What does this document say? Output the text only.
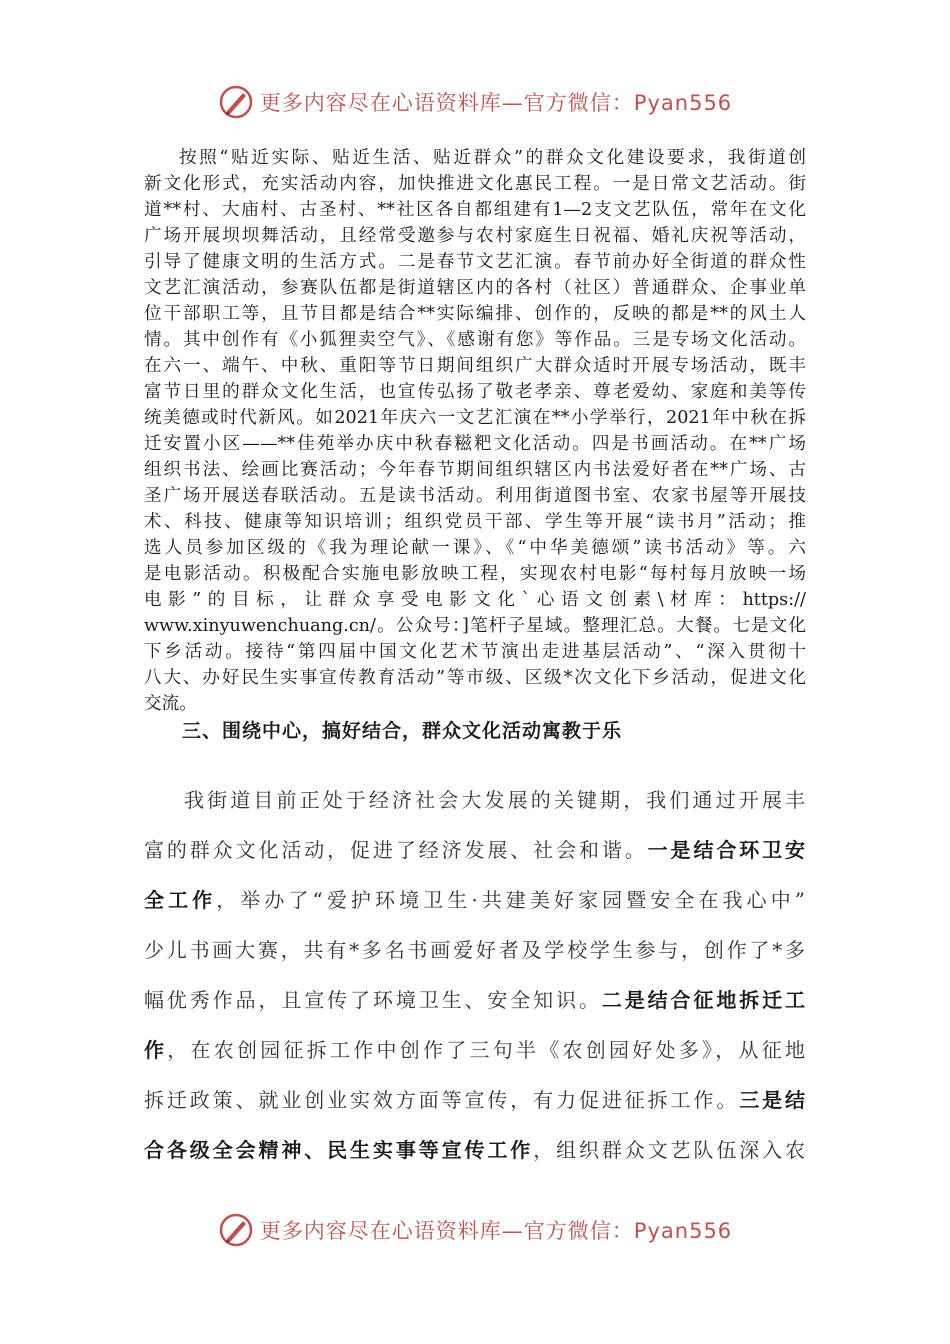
更多内容尽在心语资料库—官方微信：Pyan556
按照“贴近实际、贴近生活、贴近群众”的群众文化建设要求，我街道创
新文化形式，充实活动内容，加快推进文化惠民工程。一是日常文艺活动。街
道**村、大庙村、古圣村、**社区各自都组建有1—2支文艺队伍，常年在文化
广场开展坝坝舞活动，且经常受邀参与农村家庭生日祝福、婚礼庆祝等活动，
引导了健康文明的生活方式。二是春节文艺汇演。春节前办好全街道的群众性
文艺汇演活动，参赛队伍都是街道辖区内的各村（社区）普通群众、企事业单
位干部职工等，且节目都是结合**实际编排、创作的，反映的都是**的风土人
情。其中创作有《小狐狸卖空气》、《感谢有您》等作品。三是专场文化活动。
在六一、端午、中秋、重阳等节日期间组织广大群众适时开展专场活动，既丰
富节日里的群众文化生活，也宣传弘扬了敬老孝亲、尊老爱幼、家庭和美等传
统美德或时代新风。如2021年庆六一文艺汇演在**小学举行，2021年中秋在拆
迁安置小区——**佳苑举办庆中秋春糍粑文化活动。四是书画活动。在**广场
组织书法、绘画比赛活动；今年春节期间组织辖区内书法爱好者在**广场、古
圣广场开展送春联活动。五是读书活动。利用街道图书室、农家书屋等开展技
术、科技、健康等知识培训；组织党员干部、学生等开展“读书月”活动；推
选人员参加区级的《我为理论献一课》、《“中华美德颂”读书活动》等。六
是电影活动。积极配合实施电影放映工程，实现农村电影“每村每月放映一场
电影”的目标，让群众享受电影文化`心语文创素\材库：https://
www.xinyuwenchuang.cn/。公众号：]笔杆子星域。整理汇总。大餐。七是文化
下乡活动。接待“第四届中国文化艺术节演出走进基层活动”、“深入贯彻十
八大、办好民生实事宣传教育活动”等市级、区级*次文化下乡活动，促进文化
交流。
三、围绕中心，搞好结合，群众文化活动寓教于乐
我街道目前正处于经济社会大发展的关键期，我们通过开展丰
富的群众文化活动，促进了经济发展、社会和谐。一是结合环卫安
全工作，举办了“爱护环境卫生·共建美好家园暨安全在我心中”
少儿书画大赛，共有*多名书画爱好者及学校学生参与，创作了*多
幅优秀作品，且宣传了环境卫生、安全知识。二是结合征地拆迁工
作，在农创园征拆工作中创作了三句半《农创园好处多》，从征地
拆迁政策、就业创业实效方面等宣传，有力促进征拆工作。三是结
合各级全会精神、民生实事等宣传工作，组织群众文艺队伍深入农
更多内容尽在心语资料库—官方微信：Pyan556
